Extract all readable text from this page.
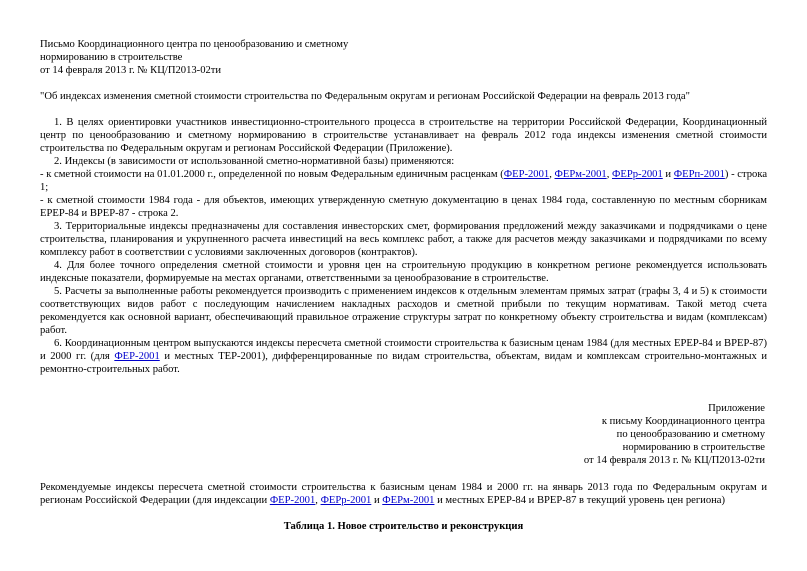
Письмо Координационного центра по ценообразованию и сметному
нормированию в строительстве
от 14 февраля 2013 г. № КЦ/П2013-02ти
"Об индексах изменения сметной стоимости строительства по Федеральным округам и регионам Российской Федерации на февраль 2013 года"

1. В целях ориентировки участников инвестиционно-строительного процесса в строительстве на территории Российской Федерации, Координационный центр по ценообразованию и сметному нормированию в строительстве устанавливает на февраль 2012 года индексы изменения сметной стоимости строительства по Федеральным округам и регионам Российской Федерации (Приложение).

2. Индексы (в зависимости от использованной сметно-нормативной базы) применяются:

- к сметной стоимости на 01.01.2000 г., определенной по новым Федеральным единичным расценкам (ФЕР-2001, ФЕРм-2001, ФЕРр-2001 и ФЕРп-2001) - строка 1;

- к сметной стоимости 1984 года - для объектов, имеющих утвержденную сметную документацию в ценах 1984 года, составленную по местным сборникам ЕРЕР-84 и ВРЕР-87 - строка 2.

3. Территориальные индексы предназначены для составления инвесторских смет, формирования предложений между заказчиками и подрядчиками о цене строительства, планирования и укрупненного расчета инвестиций на весь комплекс работ, а также для расчетов между заказчиками и подрядчиками по всему комплексу работ в соответствии с условиями заключенных договоров (контрактов).

4. Для более точного определения сметной стоимости и уровня цен на строительную продукцию в конкретном регионе рекомендуется использовать индексные показатели, формируемые на местах органами, ответственными за ценообразование в строительстве.

5. Расчеты за выполненные работы рекомендуется производить с применением индексов к отдельным элементам прямых затрат (графы 3, 4 и 5) к стоимости соответствующих видов работ с последующим начислением накладных расходов и сметной прибыли по текущим нормативам. Такой метод счета рекомендуется как основной вариант, обеспечивающий правильное отражение структуры затрат по конкретному объекту строительства и видам (комплексам) работ.

6. Координационным центром выпускаются индексы пересчета сметной стоимости строительства к базисным ценам 1984 (для местных ЕРЕР-84 и ВРЕР-87) и 2000 гг. (для ФЕР-2001 и местных ТЕР-2001), дифференцированные по видам строительства, объектам, видам и комплексам строительно-монтажных и ремонтно-строительных работ.

Приложение
к письму Координационного центра
по ценообразованию и сметному
нормированию в строительстве
от 14 февраля 2013 г. № КЦ/П2013-02ти
Рекомендуемые индексы пересчета сметной стоимости строительства к базисным ценам 1984 и 2000 гг. на январь 2013 года по Федеральным округам и регионам Российской Федерации (для индексации ФЕР-2001, ФЕРр-2001 и ФЕРм-2001 и местных ЕРЕР-84 и ВРЕР-87 в текущий уровень цен региона)
Таблица 1. Новое строительство и реконструкция
